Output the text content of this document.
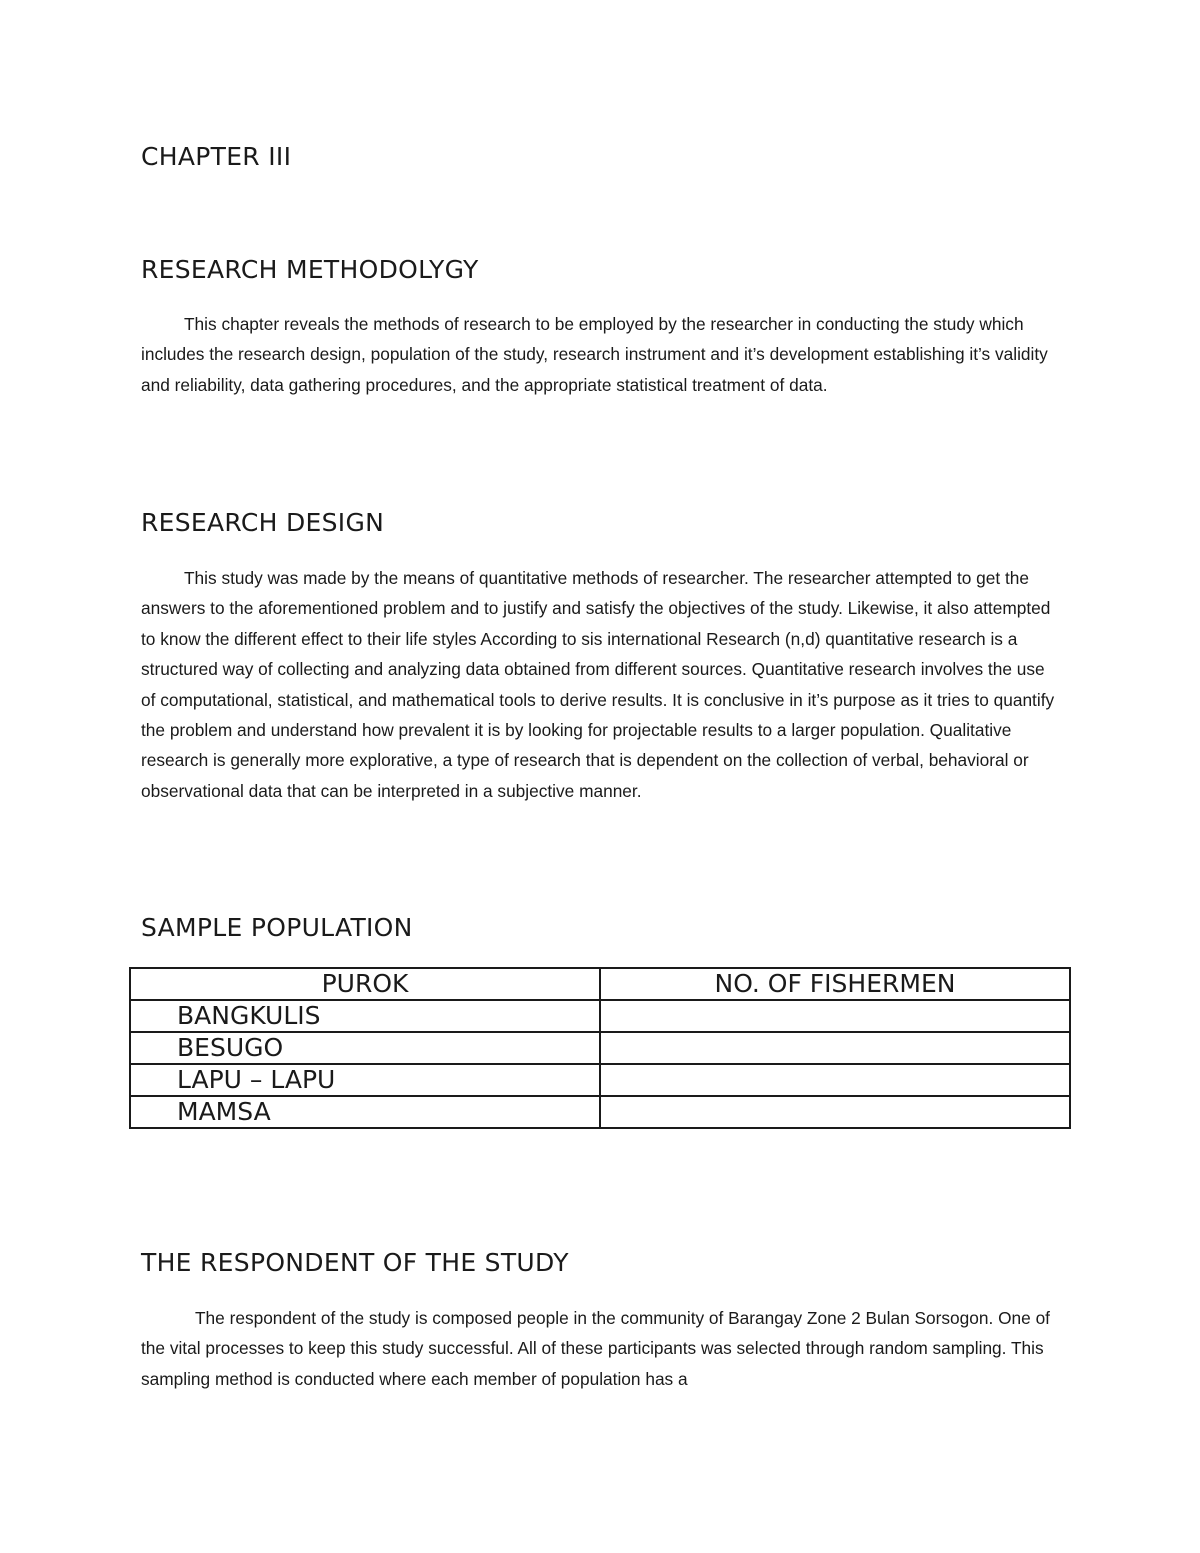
CHAPTER III
RESEARCH METHODOLYGY

This chapter reveals the methods of research to be employed by the researcher in conducting the study which includes the research design, population of the study, research instrument and it’s development establishing it’s validity and reliability, data gathering procedures, and the appropriate statistical treatment of data.

RESEARCH DESIGN

This study was made by the means of quantitative methods of researcher. The researcher attempted to get the answers to the aforementioned problem and to justify and satisfy the objectives of the study. Likewise, it also attempted to know the different effect to their life styles According to sis international Research (n,d) quantitative research is a structured way of collecting and analyzing data obtained from different sources. Quantitative research involves the use of computational, statistical, and mathematical tools to derive results. It is conclusive in it’s purpose as it tries to quantify the problem and understand how prevalent it is by looking for projectable results to a larger population. Qualitative research is generally more explorative, a type of research that is dependent on the collection of verbal, behavioral or observational data that can be interpreted in a subjective manner.

SAMPLE POPULATION
PUROK	NO. OF FISHERMEN
BANGKULIS	
BESUGO	
LAPU – LAPU	
MAMSA	
THE RESPONDENT OF THE STUDY

The respondent of the study is composed people in the community of Barangay Zone 2 Bulan Sorsogon. One of the vital processes to keep this study successful. All of these participants was selected through random sampling. This sampling method is conducted where each member of population has a
